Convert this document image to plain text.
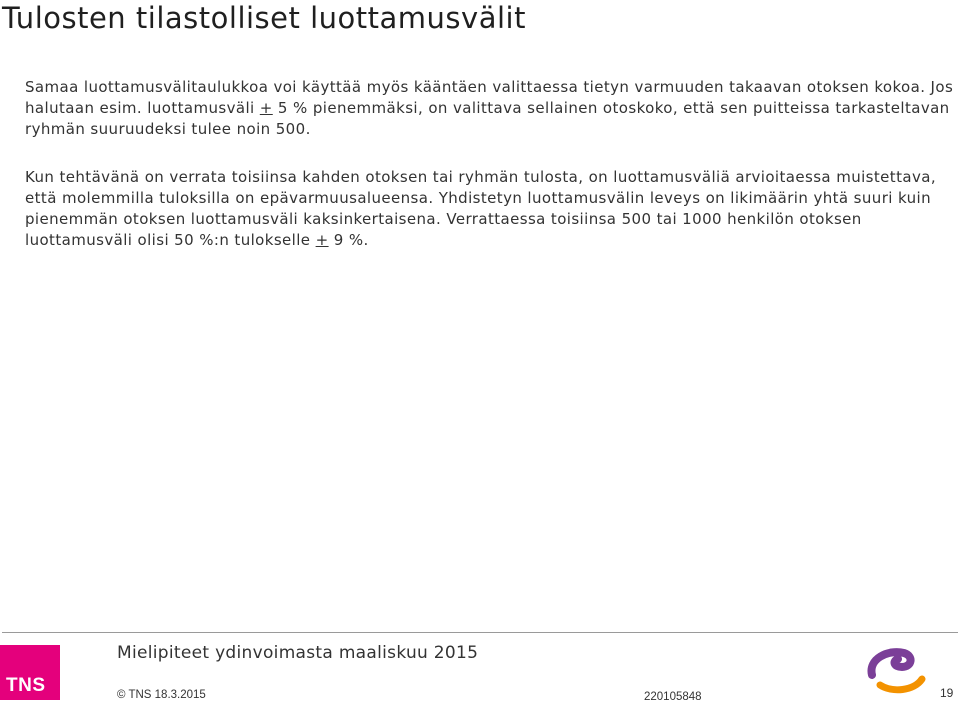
Tulosten tilastolliset luottamusvälit
Samaa luottamusvälitaulukkoa voi käyttää myös kääntäen valittaessa tietyn varmuuden takaavan otoksen kokoa. Jos halutaan esim. luottamusväli + 5 % pienemmäksi, on valittava sellainen otoskoko, että sen puitteissa tarkasteltavan ryhmän suuruudeksi tulee noin 500.
Kun tehtävänä on verrata toisiinsa kahden otoksen tai ryhmän tulosta, on luottamusväliä arvioitaessa muistettava, että molemmilla tuloksilla on epävarmuusalueensa. Yhdistetyn luottamusvälin leveys on likimäärin yhtä suuri kuin pienemmän otoksen luottamusväli kaksinkertaisena. Verrattaessa toisiinsa 500 tai 1000 henkilön otoksen luottamusväli olisi 50 %:n tulokselle + 9 %.
TNS
Mielipiteet ydinvoimasta maaliskuu 2015
© TNS 18.3.2015	220105848	19
